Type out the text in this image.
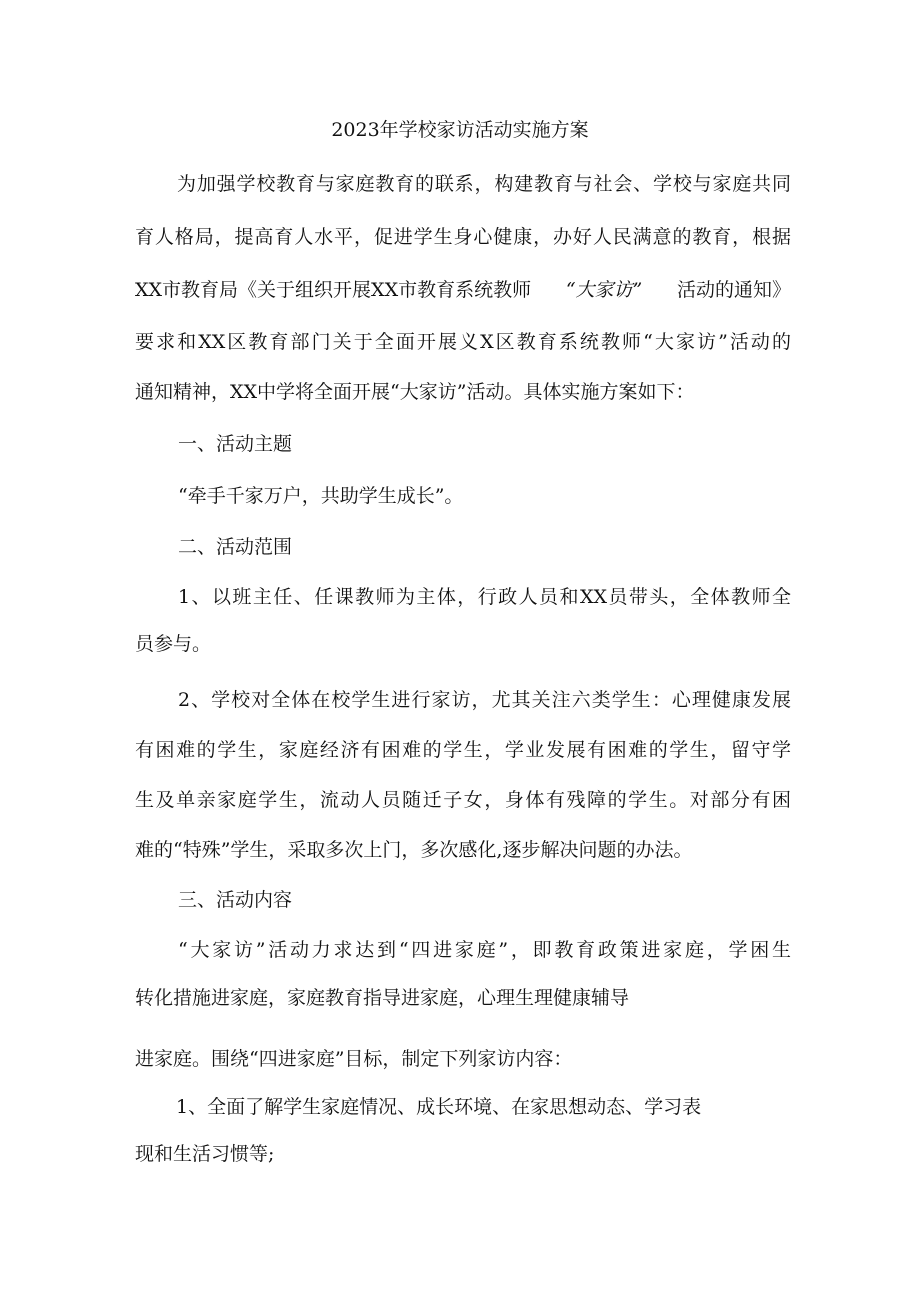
2023年学校家访活动实施方案
为加强学校教育与家庭教育的联系，构建教育与社会、学校与家庭共同
育人格局，提高育人水平，促进学生身心健康，办好人民满意的教育，根据
XX市教育局《关于组织开展XX市教育系统教师 “大家访” 活动的通知》
要求和XX区教育部门关于全面开展义X区教育系统教师“大家访”活动的
通知精神，XX中学将全面开展“大家访”活动。具体实施方案如下：
一、活动主题
“牵手千家万户，共助学生成长”。
二、活动范围
1、以班主任、任课教师为主体，行政人员和XX员带头，全体教师全
员参与。
2、学校对全体在校学生进行家访，尤其关注六类学生：心理健康发展
有困难的学生，家庭经济有困难的学生，学业发展有困难的学生，留守学
生及单亲家庭学生，流动人员随迁子女，身体有残障的学生。对部分有困
难的“特殊”学生，采取多次上门，多次感化,逐步解决问题的办法。
三、活动内容
“大家访”活动力求达到“四进家庭”，即教育政策进家庭，学困生
转化措施进家庭，家庭教育指导进家庭，心理生理健康辅导
进家庭。围绕“四进家庭”目标，制定下列家访内容：
1、全面了解学生家庭情况、成长环境、在家思想动态、学习表
现和生活习惯等;
